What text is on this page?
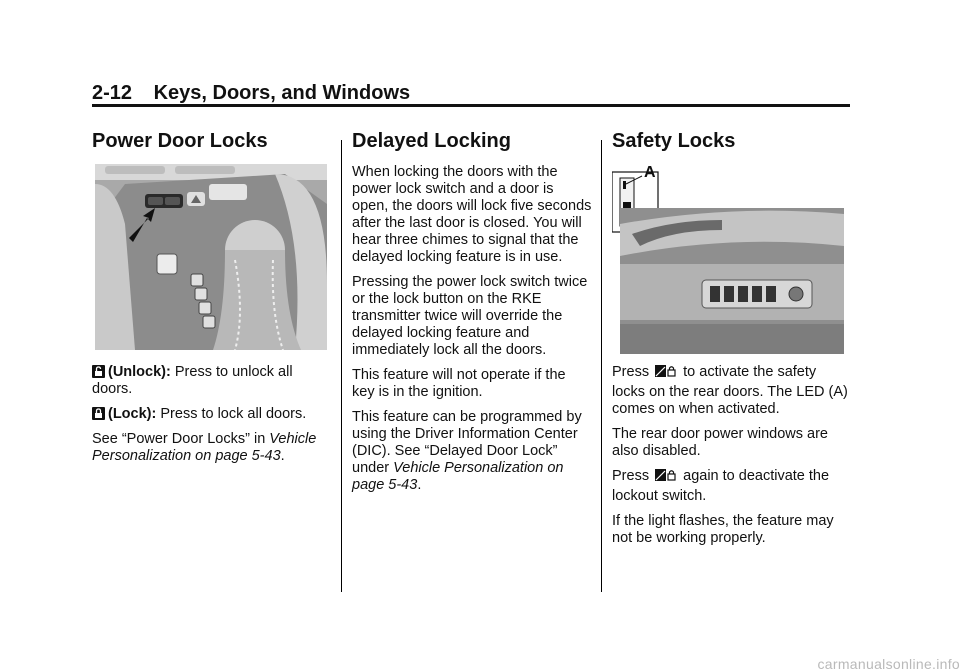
2-12 Keys, Doors, and Windows
Power Door Locks

(Unlock): Press to unlock all doors.

(Lock): Press to lock all doors.

See “Power Door Locks” in Vehicle Personalization on page 5-43.

Delayed Locking

When locking the doors with the power lock switch and a door is open, the doors will lock five seconds after the last door is closed. You will hear three chimes to signal that the delayed locking feature is in use.

Pressing the power lock switch twice or the lock button on the RKE transmitter twice will override the delayed locking feature and immediately lock all the doors.

This feature will not operate if the key is in the ignition.

This feature can be programmed by using the Driver Information Center (DIC). See “Delayed Door Lock” under Vehicle Personalization on page 5-43.

Safety Locks
A

Press to activate the safety locks on the rear doors. The LED (A) comes on when activated.

The rear door power windows are also disabled.

Press again to deactivate the lockout switch.

If the light flashes, the feature may not be working properly.

carmanualsonline.info
